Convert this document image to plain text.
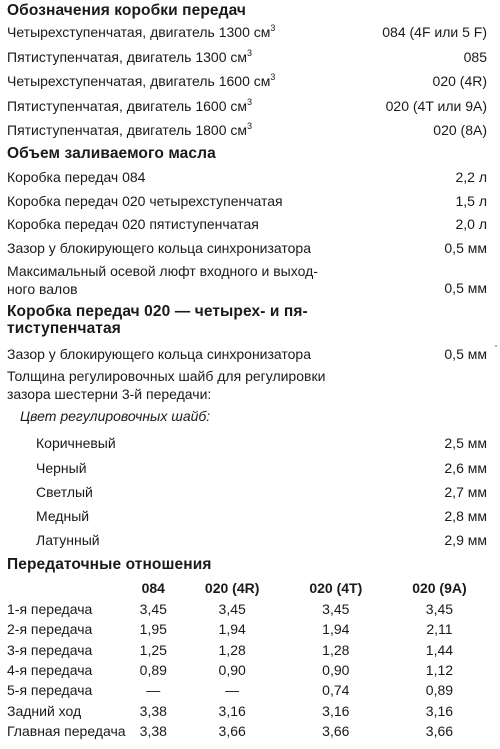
Обозначения коробки передач
Четырехступенчатая, двигатель 1300 $см^3$	084 (4F или 5 F)
Пятиступенчатая, двигатель 1300 $см^3$	085
Четырехступенчатая, двигатель 1600 $см^3$	020 (4R)
Пятиступенчатая, двигатель 1600 $см^3$	020 (4T или 9A)
Пятиступенчатая, двигатель 1800 $см^3$	020 (8A)
Объем заливаемого масла
Коробка передач 084	2,2 л
Коробка передач 020 четырехступенчатая	1,5 л
Коробка передач 020 пятиступенчатая	2,0 л
Зазор у блокирующего кольца синхронизатора	0,5 мм
Максимальный осевой люфт входного и выход-
ного валов	0,5 мм
Коробка передач 020 — четырех- и пя-
тиступенчатая
Зазор у блокирующего кольца синхронизатора	0,5 мм
Толщина регулировочных шайб для регулировки
зазора шестерни 3-й передачи:
Цвет регулировочных шайб:
Коричневый	2,5 мм
Черный	2,6 мм
Светлый	2,7 мм
Медный	2,8 мм
Латунный	2,9 мм
Передаточные отношения
	084	020 (4R)	020 (4T)	020 (9A)
1-я передача	3,45	3,45	3,45	3,45
2-я передача	1,95	1,94	1,94	2,11
3-я передача	1,25	1,28	1,28	1,44
4-я передача	0,89	0,90	0,90	1,12
5-я передача	—	—	0,74	0,89
Задний ход	3,38	3,16	3,16	3,16
Главная передача	3,38	3,66	3,66	3,66
